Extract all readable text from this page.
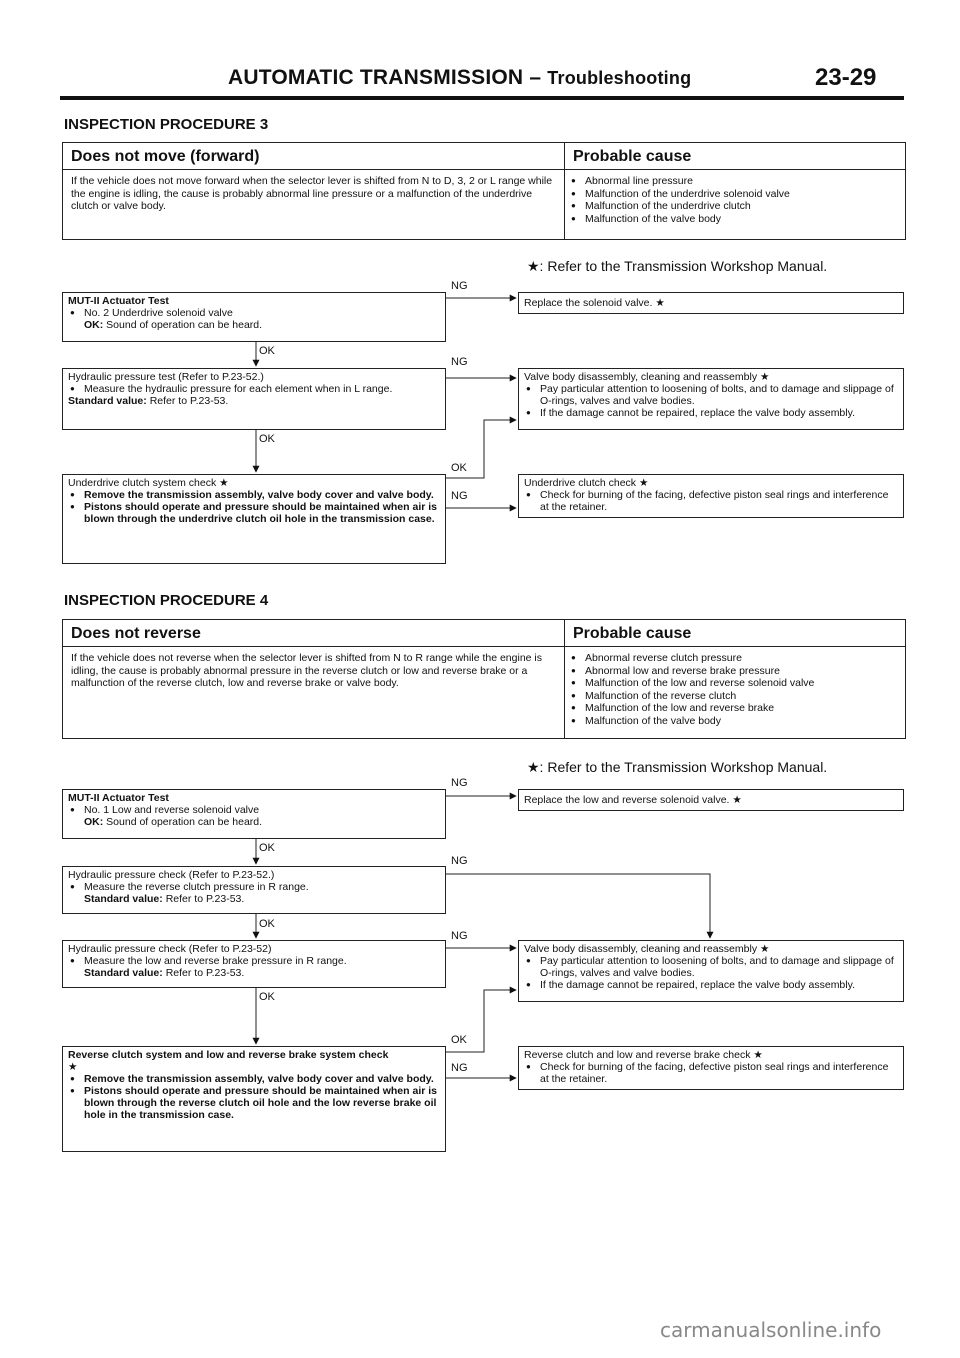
AUTOMATIC TRANSMISSION – Troubleshooting	23-29
INSPECTION PROCEDURE 3
Does not move (forward)	Probable cause
If the vehicle does not move forward when the selector lever is shifted from N to D, 3, 2 or L range while the engine is idling, the cause is probably abnormal line pressure or a malfunction of the underdrive clutch or valve body.
● Abnormal line pressure
● Malfunction of the underdrive solenoid valve
● Malfunction of the underdrive clutch
● Malfunction of the valve body
★: Refer to the Transmission Workshop Manual.
MUT-II Actuator Test
● No. 2 Underdrive solenoid valve
OK: Sound of operation can be heard.
Replace the solenoid valve. ★
Hydraulic pressure test (Refer to P.23-52.)
● Measure the hydraulic pressure for each element when in L range.
Standard value: Refer to P.23-53.
Valve body disassembly, cleaning and reassembly ★
● Pay particular attention to loosening of bolts, and to damage and slippage of O-rings, valves and valve bodies.
● If the damage cannot be repaired, replace the valve body assembly.
Underdrive clutch system check ★
● Remove the transmission assembly, valve body cover and valve body.
● Pistons should operate and pressure should be maintained when air is blown through the underdrive clutch oil hole in the transmission case.
Underdrive clutch check ★
● Check for burning of the facing, defective piston seal rings and interference at the retainer.
NG
OK
NG
OK
OK
NG
INSPECTION PROCEDURE 4
Does not reverse	Probable cause
If the vehicle does not reverse when the selector lever is shifted from N to R range while the engine is idling, the cause is probably abnormal pressure in the reverse clutch or low and reverse brake or a malfunction of the reverse clutch, low and reverse brake or valve body.
● Abnormal reverse clutch pressure
● Abnormal low and reverse brake pressure
● Malfunction of the low and reverse solenoid valve
● Malfunction of the reverse clutch
● Malfunction of the low and reverse brake
● Malfunction of the valve body
★: Refer to the Transmission Workshop Manual.
MUT-II Actuator Test
● No. 1 Low and reverse solenoid valve
OK: Sound of operation can be heard.
Replace the low and reverse solenoid valve. ★
Hydraulic pressure check (Refer to P.23-52.)
● Measure the reverse clutch pressure in R range.
Standard value: Refer to P.23-53.
Hydraulic pressure check (Refer to P.23-52)
● Measure the low and reverse brake pressure in R range.
Standard value: Refer to P.23-53.
Valve body disassembly, cleaning and reassembly ★
● Pay particular attention to loosening of bolts, and to damage and slippage of O-rings, valves and valve bodies.
● If the damage cannot be repaired, replace the valve body assembly.
Reverse clutch system and low and reverse brake system check
★
● Remove the transmission assembly, valve body cover and valve body.
● Pistons should operate and pressure should be maintained when air is blown through the reverse clutch oil hole and the low reverse brake oil hole in the transmission case.
Reverse clutch and low and reverse brake check ★
● Check for burning of the facing, defective piston seal rings and interference at the retainer.
NG
OK
NG
OK
NG
OK
OK
NG
carmanualsonline.info
